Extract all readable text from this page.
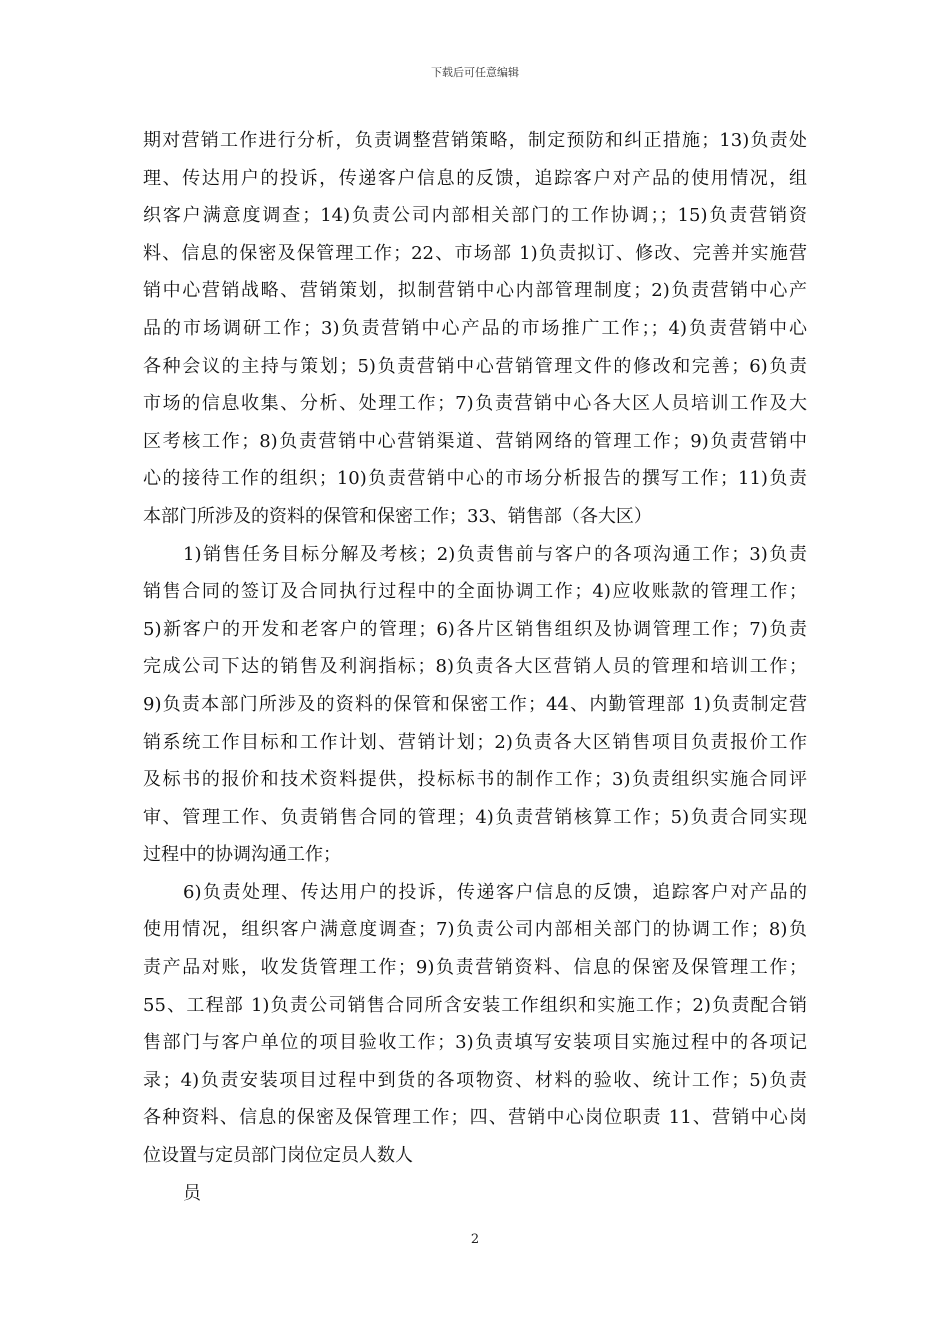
下载后可任意编辑
期对营销工作进行分析，负责调整营销策略，制定预防和纠正措施；13)负责处
理、传达用户的投诉，传递客户信息的反馈，追踪客户对产品的使用情况，组
织客户满意度调查；14)负责公司内部相关部门的工作协调；；15)负责营销资
料、信息的保密及保管理工作；22、市场部 1)负责拟订、修改、完善并实施营
销中心营销战略、营销策划，拟制营销中心内部管理制度；2)负责营销中心产
品的市场调研工作；3)负责营销中心产品的市场推广工作；；4)负责营销中心
各种会议的主持与策划；5)负责营销中心营销管理文件的修改和完善；6)负责
市场的信息收集、分析、处理工作；7)负责营销中心各大区人员培训工作及大
区考核工作；8)负责营销中心营销渠道、营销网络的管理工作；9)负责营销中
心的接待工作的组织；10)负责营销中心的市场分析报告的撰写工作；11)负责
本部门所涉及的资料的保管和保密工作；33、销售部（各大区）
1)销售任务目标分解及考核；2)负责售前与客户的各项沟通工作；3)负责
销售合同的签订及合同执行过程中的全面协调工作；4)应收账款的管理工作；
5)新客户的开发和老客户的管理；6)各片区销售组织及协调管理工作；7)负责
完成公司下达的销售及利润指标；8)负责各大区营销人员的管理和培训工作；
9)负责本部门所涉及的资料的保管和保密工作；44、内勤管理部 1)负责制定营
销系统工作目标和工作计划、营销计划；2)负责各大区销售项目负责报价工作
及标书的报价和技术资料提供，投标标书的制作工作；3)负责组织实施合同评
审、管理工作、负责销售合同的管理；4)负责营销核算工作；5)负责合同实现
过程中的协调沟通工作；
6)负责处理、传达用户的投诉，传递客户信息的反馈，追踪客户对产品的
使用情况，组织客户满意度调查；7)负责公司内部相关部门的协调工作；8)负
责产品对账，收发货管理工作；9)负责营销资料、信息的保密及保管理工作；
55、工程部 1)负责公司销售合同所含安装工作组织和实施工作；2)负责配合销
售部门与客户单位的项目验收工作；3)负责填写安装项目实施过程中的各项记
录；4)负责安装项目过程中到货的各项物资、材料的验收、统计工作；5)负责
各种资料、信息的保密及保管理工作；四、营销中心岗位职责 11、营销中心岗
位设置与定员部门岗位定员人数人
员
2
